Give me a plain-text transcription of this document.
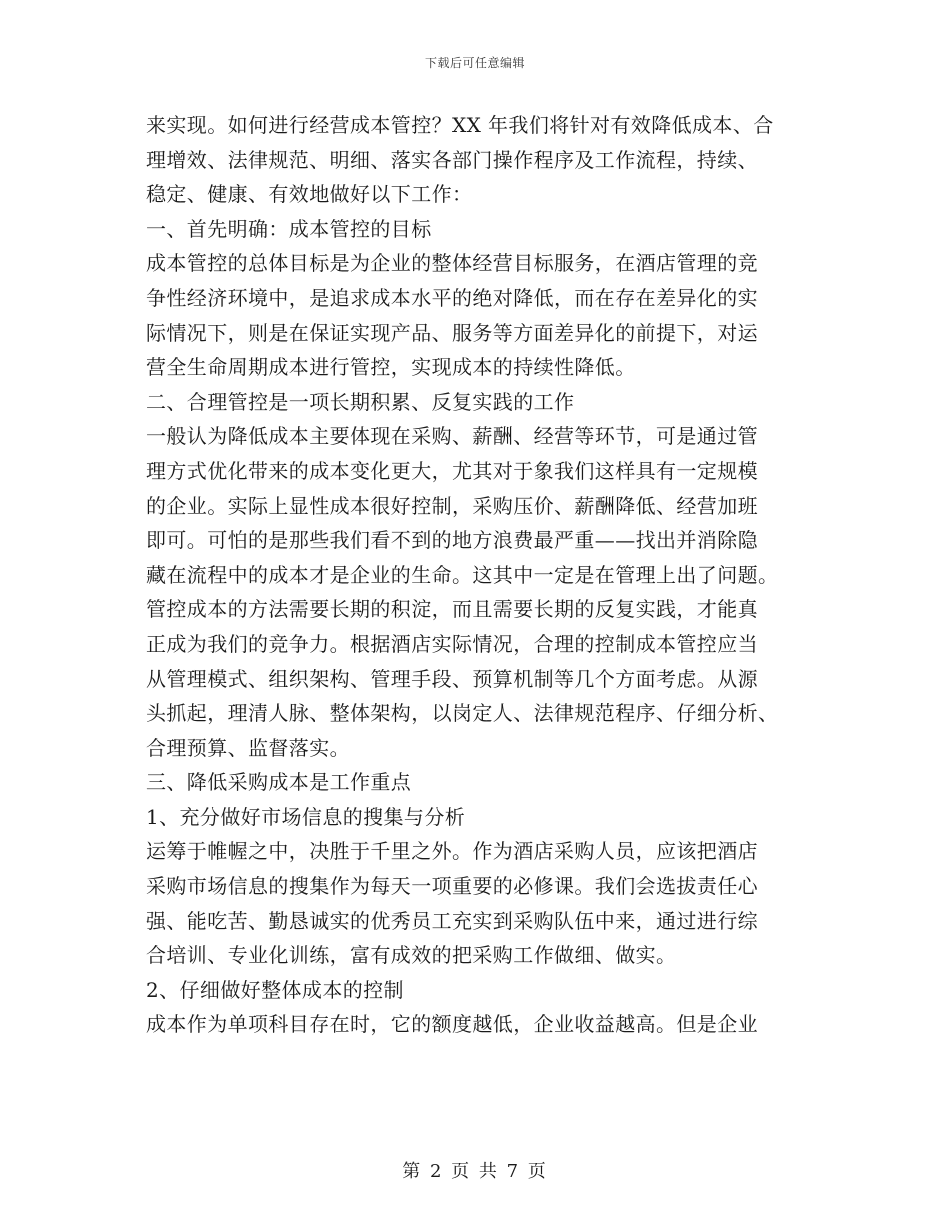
下载后可任意编辑
来实现。如何进行经营成本管控？XX 年我们将针对有效降低成本、合
理增效、法律规范、明细、落实各部门操作程序及工作流程，持续、
稳定、健康、有效地做好以下工作：
一、首先明确：成本管控的目标
成本管控的总体目标是为企业的整体经营目标服务，在酒店管理的竞
争性经济环境中，是追求成本水平的绝对降低，而在存在差异化的实
际情况下，则是在保证实现产品、服务等方面差异化的前提下，对运
营全生命周期成本进行管控，实现成本的持续性降低。
二、合理管控是一项长期积累、反复实践的工作
一般认为降低成本主要体现在采购、薪酬、经营等环节，可是通过管
理方式优化带来的成本变化更大，尤其对于象我们这样具有一定规模
的企业。实际上显性成本很好控制，采购压价、薪酬降低、经营加班
即可。可怕的是那些我们看不到的地方浪费最严重——找出并消除隐
藏在流程中的成本才是企业的生命。这其中一定是在管理上出了问题。
管控成本的方法需要长期的积淀，而且需要长期的反复实践，才能真
正成为我们的竞争力。根据酒店实际情况，合理的控制成本管控应当
从管理模式、组织架构、管理手段、预算机制等几个方面考虑。从源
头抓起，理清人脉、整体架构，以岗定人、法律规范程序、仔细分析、
合理预算、监督落实。
三、降低采购成本是工作重点
1、充分做好市场信息的搜集与分析
运筹于帷幄之中，决胜于千里之外。作为酒店采购人员，应该把酒店
采购市场信息的搜集作为每天一项重要的必修课。我们会选拔责任心
强、能吃苦、勤恳诚实的优秀员工充实到采购队伍中来，通过进行综
合培训、专业化训练，富有成效的把采购工作做细、做实。
2、仔细做好整体成本的控制
成本作为单项科目存在时，它的额度越低，企业收益越高。但是企业
第 2 页 共 7 页
